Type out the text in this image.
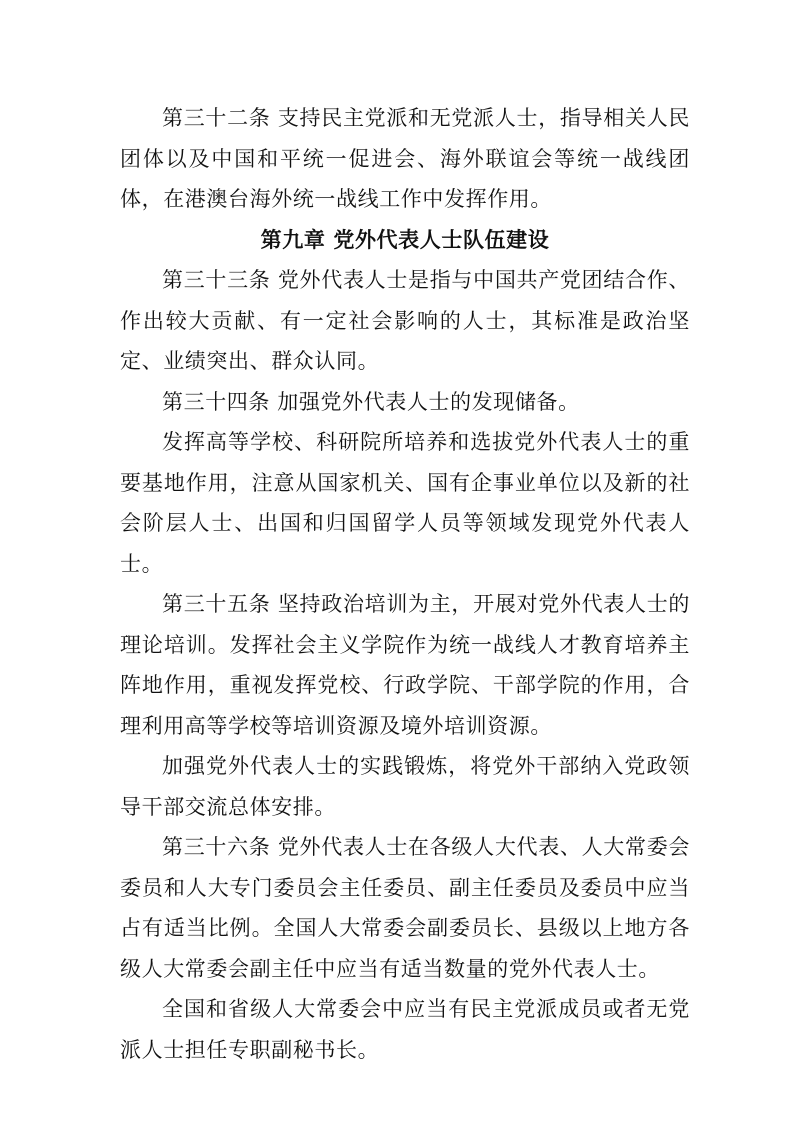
第三十二条 支持民主党派和无党派人士，指导相关人民团体以及中国和平统一促进会、海外联谊会等统一战线团体，在港澳台海外统一战线工作中发挥作用。

第九章 党外代表人士队伍建设

第三十三条 党外代表人士是指与中国共产党团结合作、作出较大贡献、有一定社会影响的人士，其标准是政治坚定、业绩突出、群众认同。

第三十四条 加强党外代表人士的发现储备。

发挥高等学校、科研院所培养和选拔党外代表人士的重要基地作用，注意从国家机关、国有企事业单位以及新的社会阶层人士、出国和归国留学人员等领域发现党外代表人士。

第三十五条 坚持政治培训为主，开展对党外代表人士的理论培训。发挥社会主义学院作为统一战线人才教育培养主阵地作用，重视发挥党校、行政学院、干部学院的作用，合理利用高等学校等培训资源及境外培训资源。

加强党外代表人士的实践锻炼，将党外干部纳入党政领导干部交流总体安排。

第三十六条 党外代表人士在各级人大代表、人大常委会委员和人大专门委员会主任委员、副主任委员及委员中应当占有适当比例。全国人大常委会副委员长、县级以上地方各级人大常委会副主任中应当有适当数量的党外代表人士。

全国和省级人大常委会中应当有民主党派成员或者无党派人士担任专职副秘书长。
